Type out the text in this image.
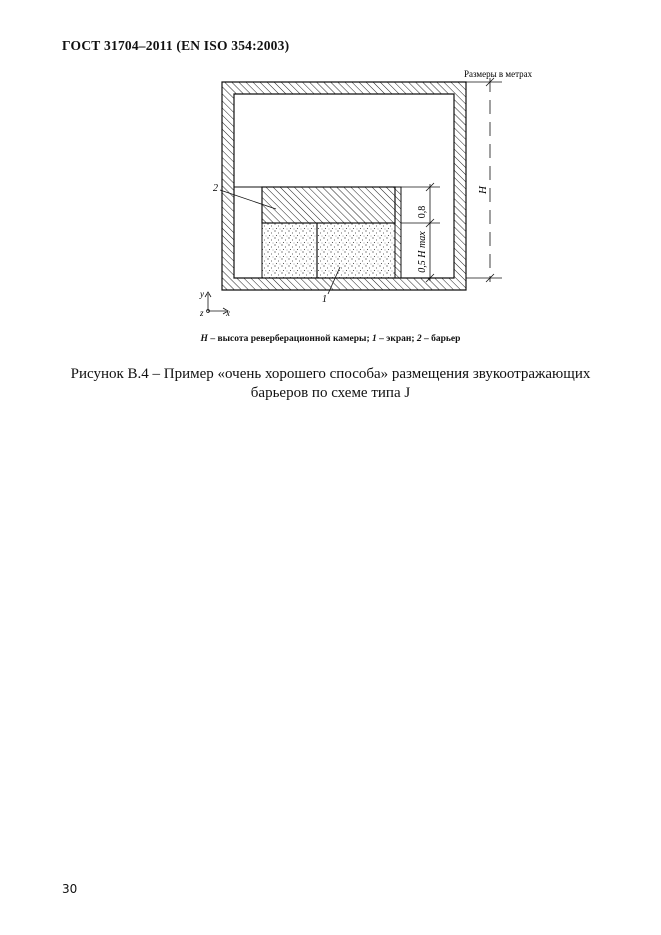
ГОСТ 31704–2011 (EN ISO 354:2003)
0,8
0,5 H max
H
Размеры в метрах
2
1
y
z x
H – высота реверберационной камеры; 1 – экран; 2 – барьер
Рисунок В.4 – Пример «очень хорошего способа» размещения звукоотражающих
барьеров по схеме типа J
30
